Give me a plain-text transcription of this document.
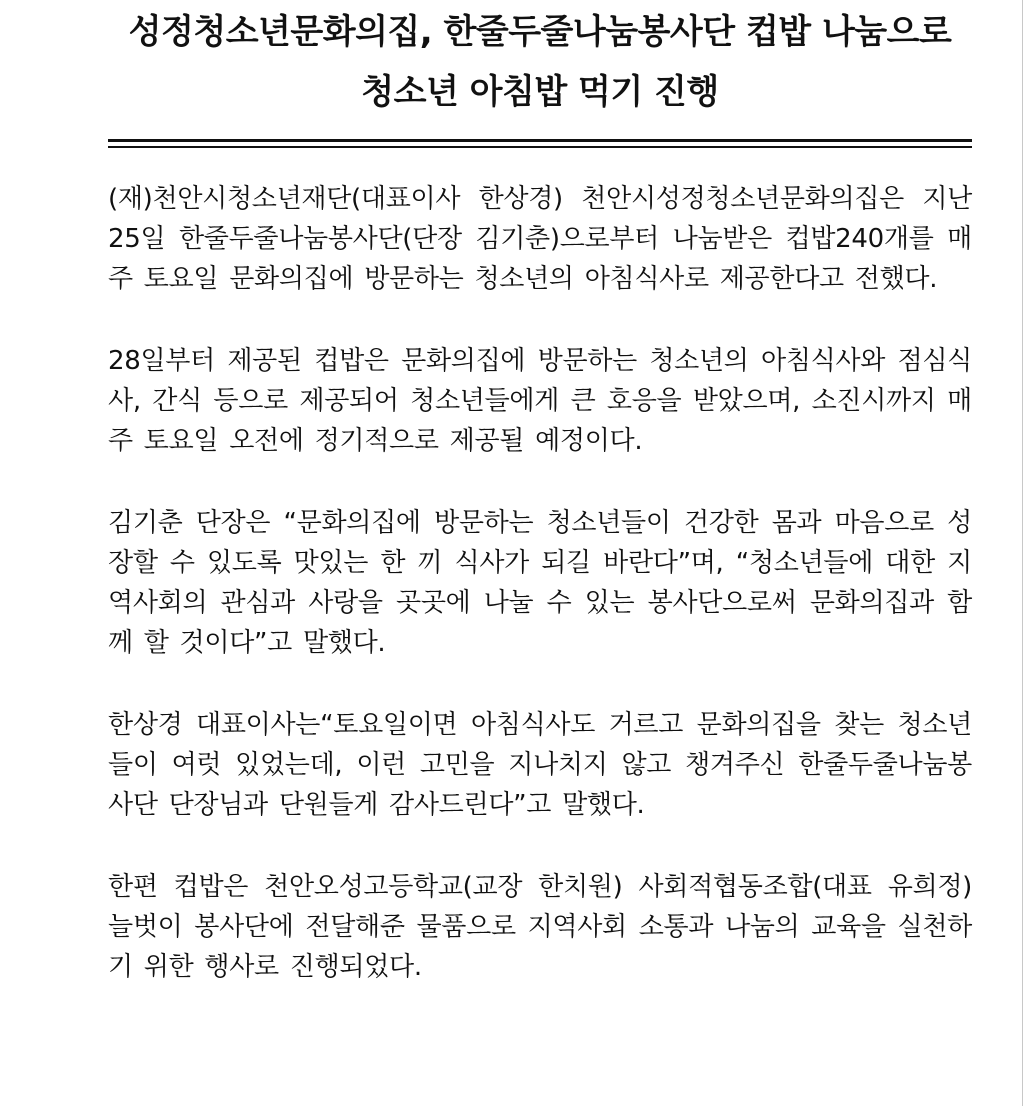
성정청소년문화의집, 한줄두줄나눔봉사단 컵밥 나눔으로
청소년 아침밥 먹기 진행

(재)천안시청소년재단(대표이사 한상경) 천안시성정청소년문화의집은 지난 25일 한줄두줄나눔봉사단(단장 김기춘)으로부터 나눔받은 컵밥240개를 매주 토요일 문화의집에 방문하는 청소년의 아침식사로 제공한다고 전했다.

28일부터 제공된 컵밥은 문화의집에 방문하는 청소년의 아침식사와 점심식사, 간식 등으로 제공되어 청소년들에게 큰 호응을 받았으며, 소진시까지 매주 토요일 오전에 정기적으로 제공될 예정이다.

김기춘 단장은 “문화의집에 방문하는 청소년들이 건강한 몸과 마음으로 성장할 수 있도록 맛있는 한 끼 식사가 되길 바란다”며, “청소년들에 대한 지역사회의 관심과 사랑을 곳곳에 나눌 수 있는 봉사단으로써 문화의집과 함께 할 것이다”고 말했다.

한상경 대표이사는“토요일이면 아침식사도 거르고 문화의집을 찾는 청소년들이 여럿 있었는데, 이런 고민을 지나치지 않고 챙겨주신 한줄두줄나눔봉사단 단장님과 단원들게 감사드린다”고 말했다.

한편 컵밥은 천안오성고등학교(교장 한치원) 사회적협동조합(대표 유희정) 늘벗이 봉사단에 전달해준 물품으로 지역사회 소통과 나눔의 교육을 실천하기 위한 행사로 진행되었다.
